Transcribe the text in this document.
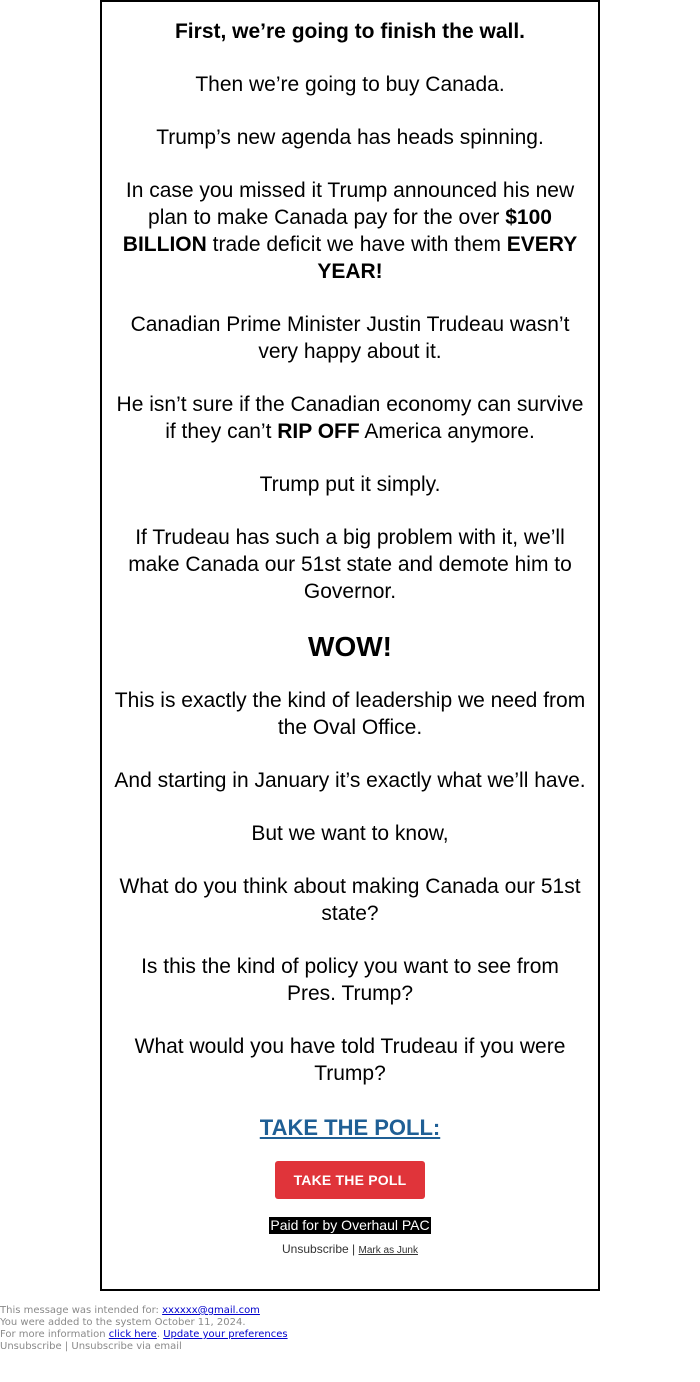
First, we’re going to finish the wall.

Then we’re going to buy Canada.

Trump’s new agenda has heads spinning.

In case you missed it Trump announced his new plan to make Canada pay for the over $100 BILLION trade deficit we have with them EVERY YEAR!

Canadian Prime Minister Justin Trudeau wasn’t very happy about it.

He isn’t sure if the Canadian economy can survive if they can’t RIP OFF America anymore.

Trump put it simply.

If Trudeau has such a big problem with it, we’ll make Canada our 51st state and demote him to Governor.

WOW!

This is exactly the kind of leadership we need from the Oval Office.

And starting in January it’s exactly what we’ll have.

But we want to know,

What do you think about making Canada our 51st state?

Is this the kind of policy you want to see from Pres. Trump?

What would you have told Trudeau if you were Trump?

TAKE THE POLL:
TAKE THE POLL
Paid for by Overhaul PAC
Unsubscribe | Mark as Junk
This message was intended for: xxxxxx@gmail.com
You were added to the system October 11, 2024.
For more information click here. Update your preferences
Unsubscribe | Unsubscribe via email
